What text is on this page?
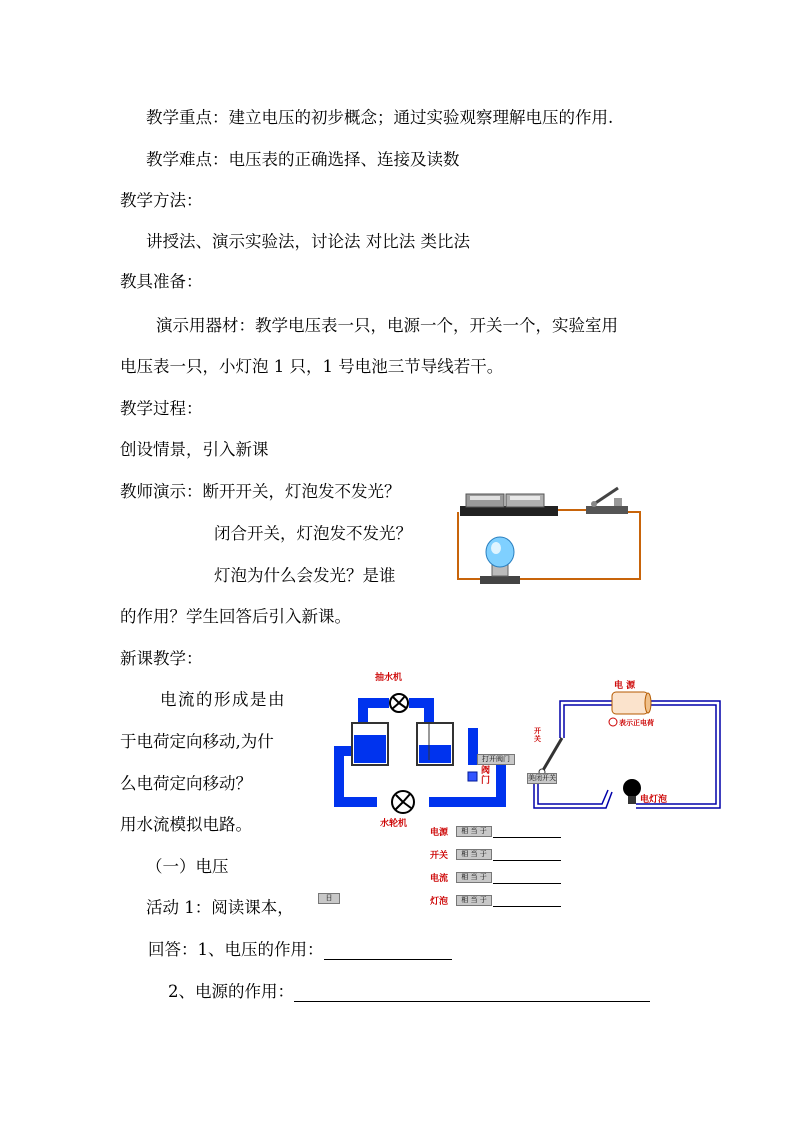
教学重点：建立电压的初步概念；通过实验观察理解电压的作用.
教学难点：电压表的正确选择、连接及读数
教学方法：
讲授法、演示实验法，讨论法 对比法 类比法
教具准备：
演示用器材：教学电压表一只，电源一个，开关一个，实验室用
电压表一只，小灯泡 1 只，1 号电池三节导线若干。
教学过程：
创设情景，引入新课
教师演示：断开开关，灯泡发不发光？
闭合开关，灯泡发不发光？
灯泡为什么会发光？是谁
的作用？学生回答后引入新课。
新课教学：
电流的形成是由
于电荷定向移动,为什
么电荷定向移动？
用水流模拟电路。
（一）电压
活动 1：阅读课本，
回答：1、电压的作用：
2、电源的作用：
日
抽水机
水轮机
阀
门
打开阀门
电 源
表示正电荷
开
关
美闭开关
电灯泡
电源	相 当 于
开关	相 当 于
电流	相 当 于
灯泡	相 当 于
